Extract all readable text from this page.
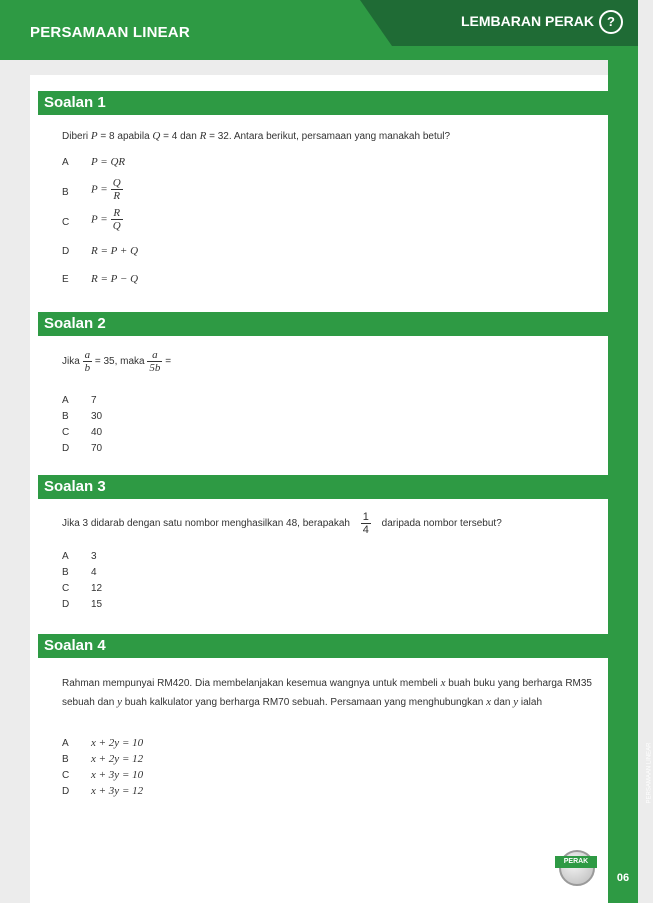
PERSAMAAN LINEAR
LEMBARAN PERAK	?
Soalan 1
Diberi P = 8 apabila Q = 4 dan R = 32. Antara berikut, persamaan yang manakah betul?
A P = QR
B $P = \frac{Q}{R}$
C $P = \frac{R}{Q}$
D R = P + Q
E R = P − Q
Soalan 2
Jika $\frac{a}{b} = 35$, maka $\frac{a}{5b}$ =
A 7
B 30
C 40
D 70
Soalan 3
Jika 3 didarab dengan satu nombor menghasilkan 48, berapakah $\frac{1}{4}$ daripada nombor tersebut?
A 3
B 4
C 12
D 15
Soalan 4
Rahman mempunyai RM420. Dia membelanjakan kesemua wangnya untuk membeli x buah buku yang berharga RM35 sebuah dan y buah kalkulator yang berharga RM70 sebuah. Persamaan yang menghubungkan x dan y ialah
A x + 2y = 10
B x + 2y = 12
C x + 3y = 10
D x + 3y = 12	PERSAMAAN LINEAR
06
PERAK
